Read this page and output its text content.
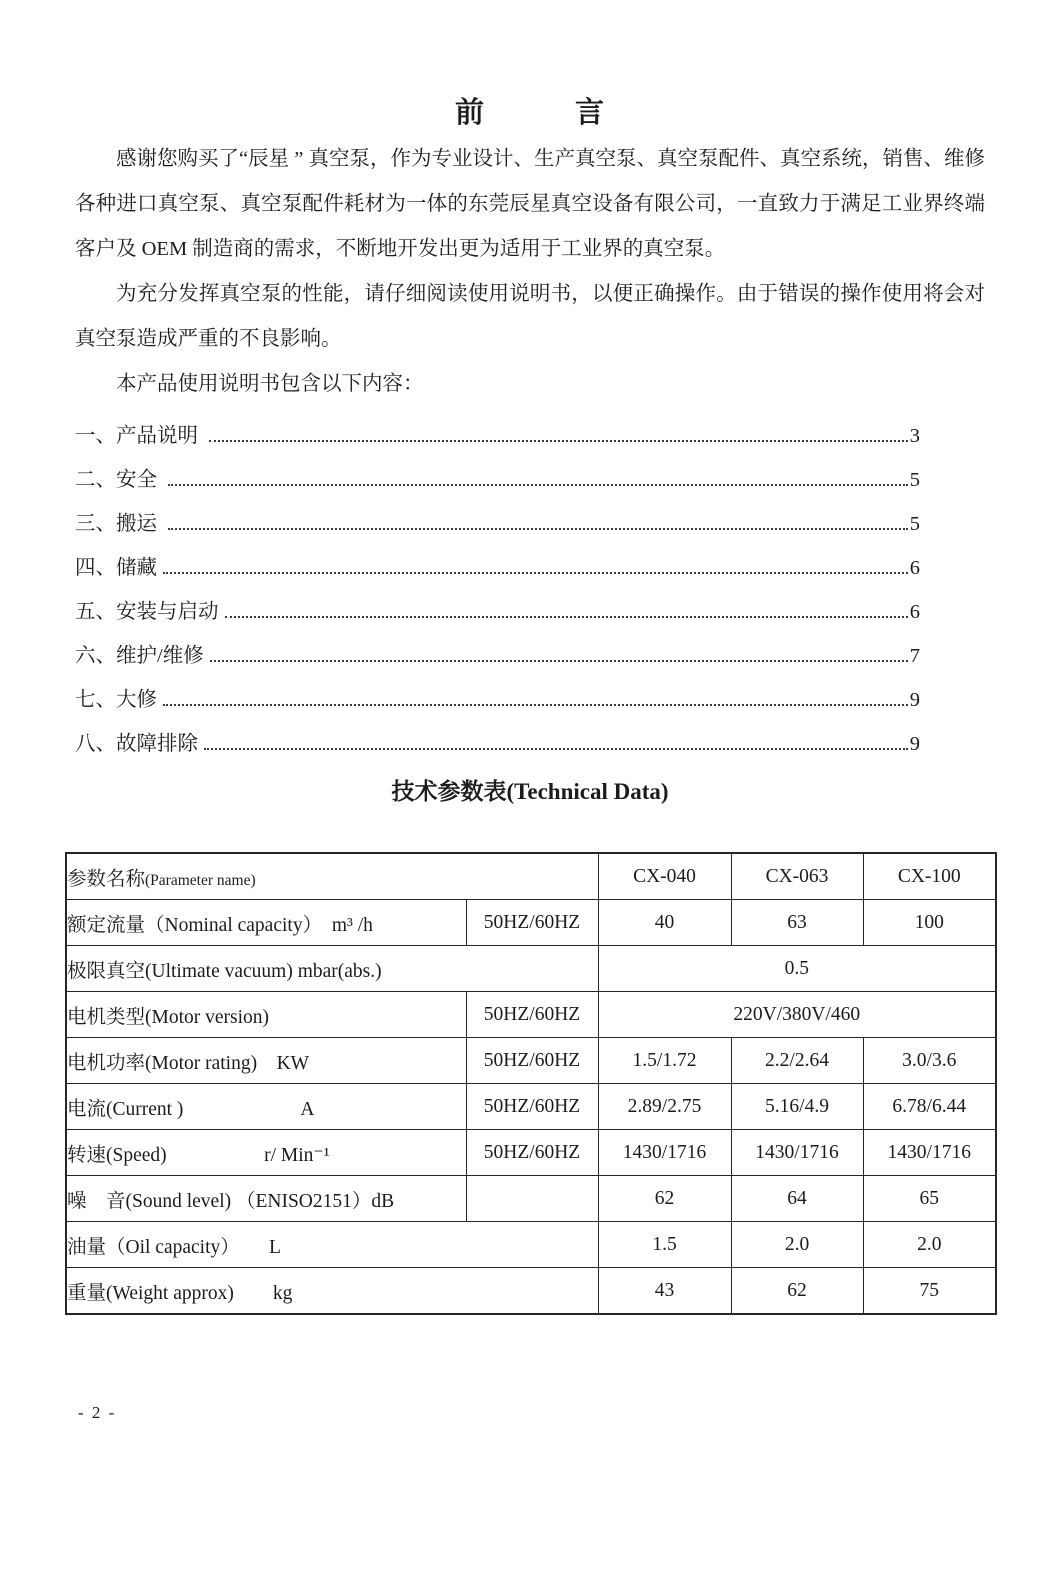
前　　　言

感谢您购买了“辰星 ” 真空泵，作为专业设计、生产真空泵、真空泵配件、真空系统，销售、维修各种进口真空泵、真空泵配件耗材为一体的东莞辰星真空设备有限公司，一直致力于满足工业界终端客户及 OEM 制造商的需求，不断地开发出更为适用于工业界的真空泵。

为充分发挥真空泵的性能，请仔细阅读使用说明书，以便正确操作。由于错误的操作使用将会对真空泵造成严重的不良影响。

本产品使用说明书包含以下内容：

一、产品说明	3
二、安全	5
三、搬运	5
四、储藏	6
五、安装与启动	6
六、维护/维修	7
七、大修	9
八、故障排除	9
技术参数表(Technical Data)
参数名称(Parameter name)		CX-040	CX-063	CX-100
额定流量（Nominal capacity）　m³ /h	50HZ/60HZ	40	63	100
极限真空(Ultimate vacuum) mbar(abs.)		0.5		
电机类型(Motor version)	50HZ/60HZ	220V/380V/460		
电机功率(Motor rating)　KW	50HZ/60HZ	1.5/1.72	2.2/2.64	3.0/3.6
电流(Current )　　　　　　A	50HZ/60HZ	2.89/2.75	5.16/4.9	6.78/6.44
转速(Speed)　　　　　r/ Min⁻¹	50HZ/60HZ	1430/1716	1430/1716	1430/1716
噪　音(Sound level) （ENISO2151）dB		62	64	65
油量（Oil capacity）　　L		1.5	2.0	2.0
重量(Weight approx)　　kg		43	62	75
- 2 -
